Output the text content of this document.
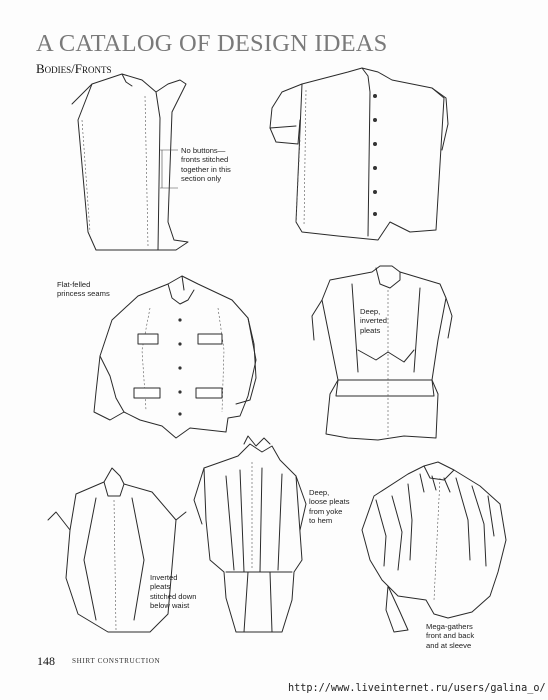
A CATALOG OF DESIGN IDEAS
Bodies/Fronts
No buttons—
fronts stitched
together in this
section only
Flat-felled
princess seams
Deep,
inverted
pleats
Deep,
loose pleats
from yoke
to hem
Inverted
pleats
stitched down
below waist
Mega-gathers
front and back
and at sleeve
148 SHIRT CONSTRUCTION
http://www.liveinternet.ru/users/galina_o/
